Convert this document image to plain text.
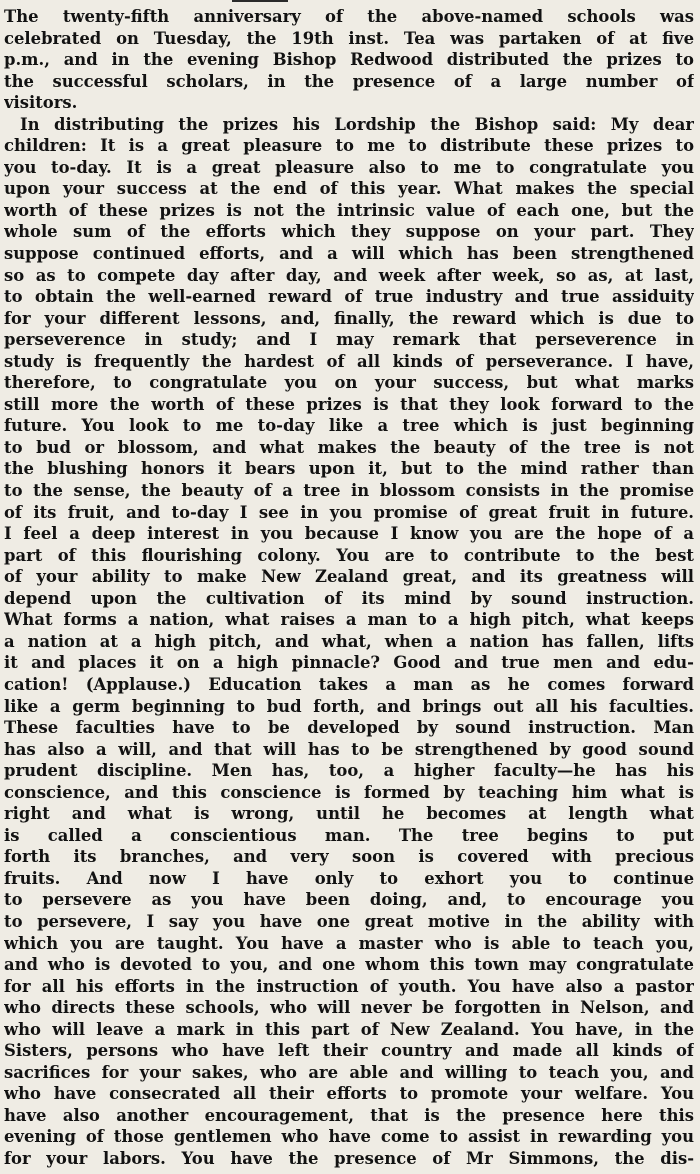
The twenty-fifth anniversary of the above-named schools was
celebrated on Tuesday, the 19th inst. Tea was partaken of at five
p.m., and in the evening Bishop Redwood distributed the prizes to
the successful scholars, in the presence of a large number of
visitors.
In distributing the prizes his Lordship the Bishop said: My dear
children: It is a great pleasure to me to distribute these prizes to
you to-day. It is a great pleasure also to me to congratulate you
upon your success at the end of this year. What makes the special
worth of these prizes is not the intrinsic value of each one, but the
whole sum of the efforts which they suppose on your part. They
suppose continued efforts, and a will which has been strengthened
so as to compete day after day, and week after week, so as, at last,
to obtain the well-earned reward of true industry and true assiduity
for your different lessons, and, finally, the reward which is due to
perseverence in study; and I may remark that perseverence in
study is frequently the hardest of all kinds of perseverance. I have,
therefore, to congratulate you on your success, but what marks
still more the worth of these prizes is that they look forward to the
future. You look to me to-day like a tree which is just beginning
to bud or blossom, and what makes the beauty of the tree is not
the blushing honors it bears upon it, but to the mind rather than
to the sense, the beauty of a tree in blossom consists in the promise
of its fruit, and to-day I see in you promise of great fruit in future.
I feel a deep interest in you because I know you are the hope of a
part of this flourishing colony. You are to contribute to the best
of your ability to make New Zealand great, and its greatness will
depend upon the cultivation of its mind by sound instruction.
What forms a nation, what raises a man to a high pitch, what keeps
a nation at a high pitch, and what, when a nation has fallen, lifts
it and places it on a high pinnacle? Good and true men and edu-
cation! (Applause.) Education takes a man as he comes forward
like a germ beginning to bud forth, and brings out all his faculties.
These faculties have to be developed by sound instruction. Man
has also a will, and that will has to be strengthened by good sound
prudent discipline. Men has, too, a higher faculty—he has his
conscience, and this conscience is formed by teaching him what is
right and what is wrong, until he becomes at length what
is called a conscientious man. The tree begins to put
forth its branches, and very soon is covered with precious
fruits. And now I have only to exhort you to continue
to persevere as you have been doing, and, to encourage you
to persevere, I say you have one great motive in the ability with
which you are taught. You have a master who is able to teach you,
and who is devoted to you, and one whom this town may congratulate
for all his efforts in the instruction of youth. You have also a pastor
who directs these schools, who will never be forgotten in Nelson, and
who will leave a mark in this part of New Zealand. You have, in the
Sisters, persons who have left their country and made all kinds of
sacrifices for your sakes, who are able and willing to teach you, and
who have consecrated all their efforts to promote your welfare. You
have also another encouragement, that is the presence here this
evening of those gentlemen who have come to assist in rewarding you
for your labors. You have the presence of Mr Simmons, the dis-
